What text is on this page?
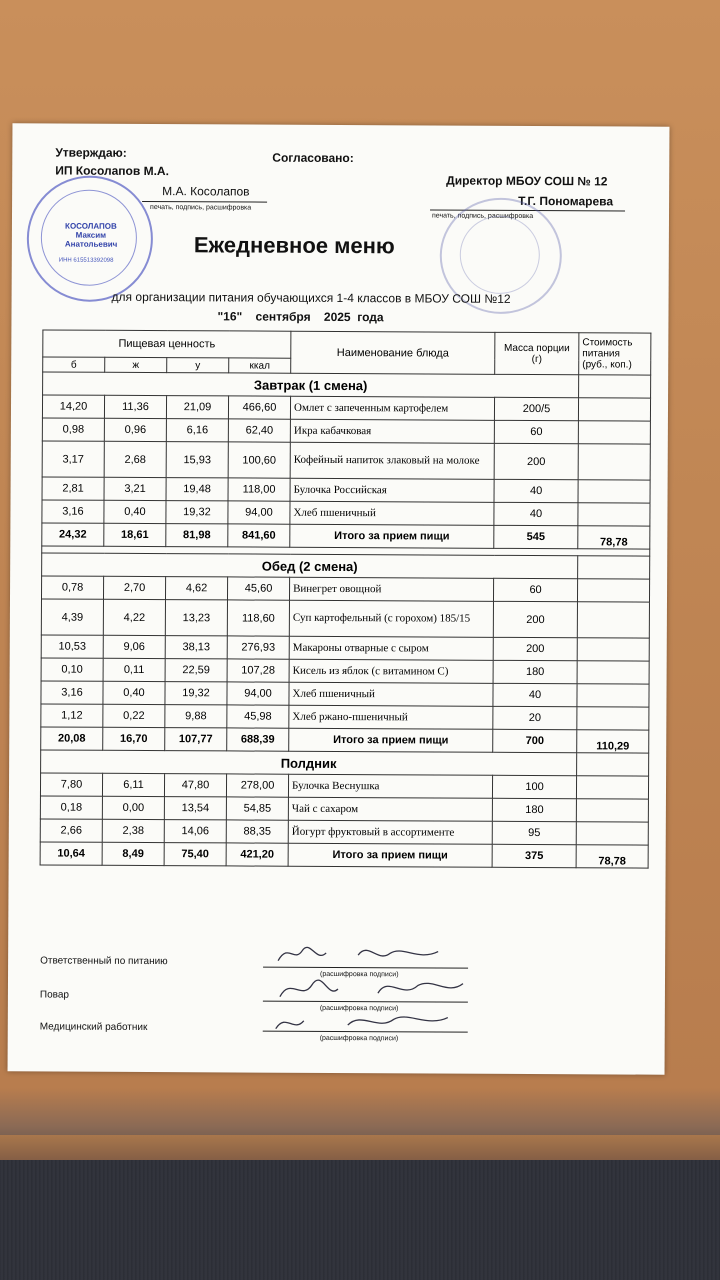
Утверждаю:
ИП Косолапов М.А.
М.А. Косолапов
печать, подпись, расшифровка
КОСОЛАПОВ Максим Анатольевич
ИНН 615513392098
Согласовано:
Директор МБОУ СОШ № 12
Т.Г. Пономарева
печать, подпись, расшифровка
Ежедневное меню
для организации питания обучающихся 1-4 классов в МБОУ СОШ №12
"16"    сентября    2025  года
Пищевая ценность				Наименование блюда	Масса порции (г)	Стоимость питания (руб., коп.)
б	ж	у	ккал			
Завтрак (1 смена)						
14,20	11,36	21,09	466,60	Омлет с запеченным картофелем	200/5	
0,98	0,96	6,16	62,40	Икра кабачковая	60	
3,17	2,68	15,93	100,60	Кофейный напиток злаковый на молоке	200	
2,81	3,21	19,48	118,00	Булочка Российская	40	
3,16	0,40	19,32	94,00	Хлеб пшеничный	40	
24,32	18,61	81,98	841,60	Итого за прием пищи	545	78,78

Обед (2 смена)						
0,78	2,70	4,62	45,60	Винегрет овощной	60	
4,39	4,22	13,23	118,60	Суп картофельный (с горохом) 185/15	200	
10,53	9,06	38,13	276,93	Макароны отварные с сыром	200	
0,10	0,11	22,59	107,28	Кисель из яблок (с витамином С)	180	
3,16	0,40	19,32	94,00	Хлеб пшеничный	40	
1,12	0,22	9,88	45,98	Хлеб ржано-пшеничный	20	
20,08	16,70	107,77	688,39	Итого за прием пищи	700	110,29
Полдник						
7,80	6,11	47,80	278,00	Булочка Веснушка	100	
0,18	0,00	13,54	54,85	Чай с сахаром	180	
2,66	2,38	14,06	88,35	Йогурт фруктовый в ассортименте	95	
10,64	8,49	75,40	421,20	Итого за прием пищи	375	78,78
Ответственный по питанию
(расшифровка подписи)
Повар
(расшифровка подписи)
Медицинский работник
(расшифровка подписи)
